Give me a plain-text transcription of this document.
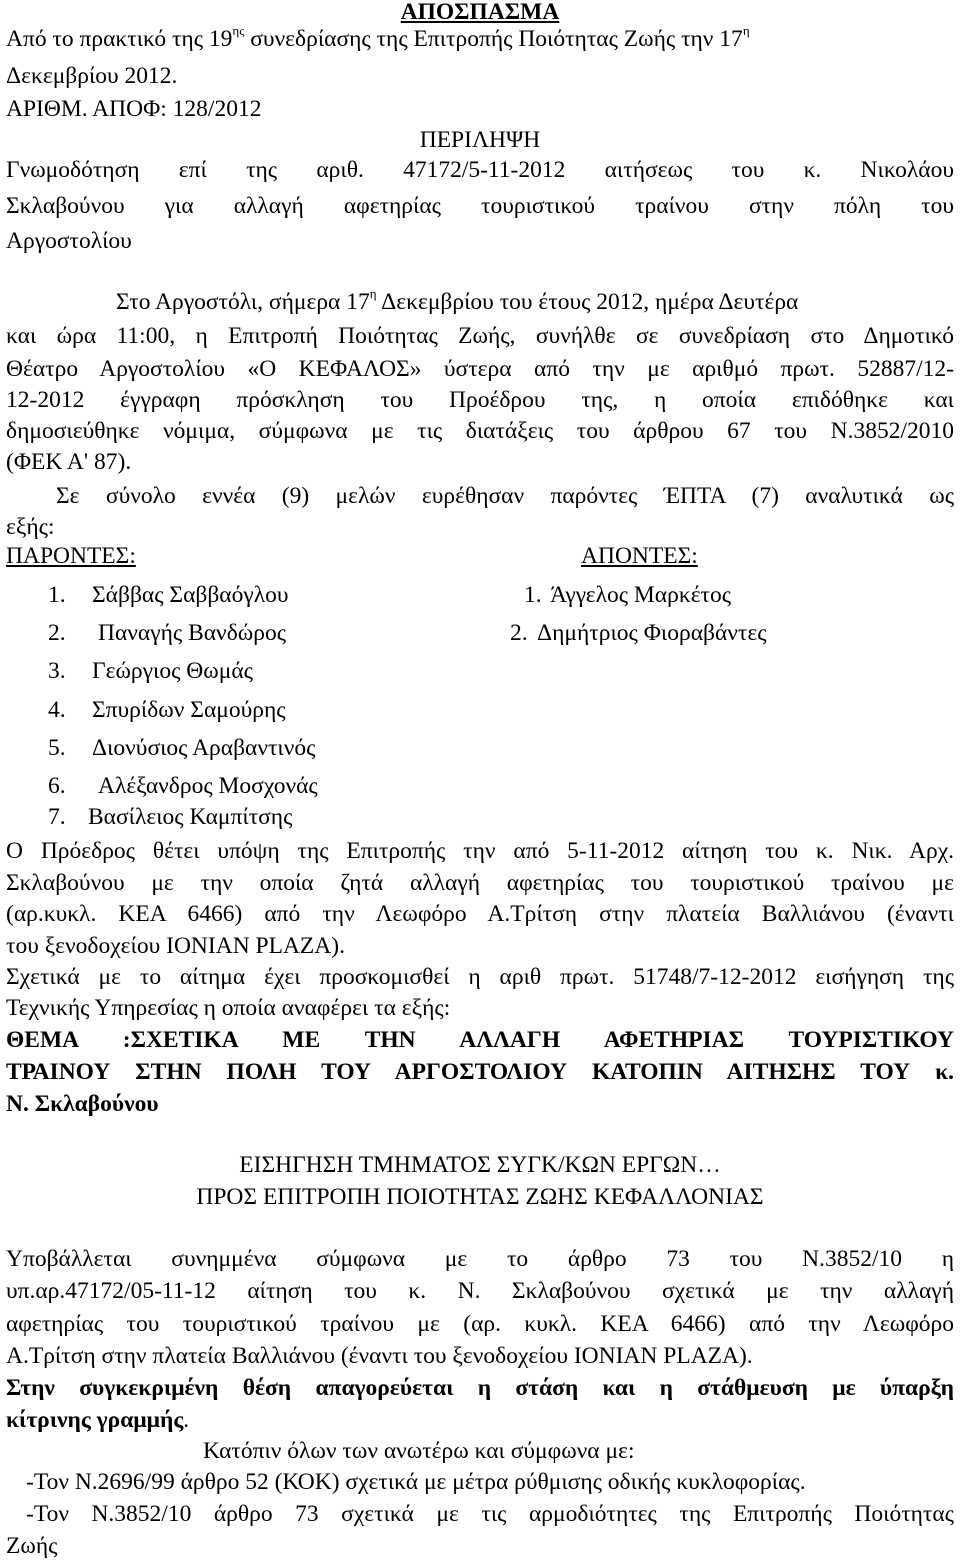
ΑΠΟΣΠΑΣΜΑ
Από το πρακτικό της $19^{\eta\varsigma}$ συνεδρίασης της Επιτροπής Ποιότητας Ζωής την $17^\eta$
Δεκεμβρίου 2012.
ΑΡΙΘΜ. ΑΠΟΦ: 128/2012
ΠΕΡΙΛΗΨΗ
Γνωμοδότηση επί της αριθ. 47172/5-11-2012 αιτήσεως του κ. Νικολάου
Σκλαβούνου για αλλαγή αφετηρίας τουριστικού τραίνου στην πόλη του
Αργοστολίου
Στο Αργοστόλι, σήμερα $17^\eta$ Δεκεμβρίου του έτους 2012, ημέρα Δευτέρα
και ώρα 11:00, η Επιτροπή Ποιότητας Ζωής, συνήλθε σε συνεδρίαση στο Δημοτικό
Θέατρο Αργοστολίου «Ο ΚΕΦΑΛΟΣ» ύστερα από την με αριθμό πρωτ. 52887/12-
12-2012 έγγραφη πρόσκληση του Προέδρου της, η οποία επιδόθηκε και
δημοσιεύθηκε νόμιμα, σύμφωνα με τις διατάξεις του άρθρου 67 του Ν.3852/2010
(ΦΕΚ Α' 87).
Σε σύνολο εννέα (9) μελών ευρέθησαν παρόντες ΈΠΤΑ (7) αναλυτικά ως
εξής:
ΠΑΡΟΝΤΕΣ:	ΑΠΟΝΤΕΣ:
1. Σάββας Σαββαόγλου
2. Παναγής Βανδώρος
3. Γεώργιος Θωμάς
4. Σπυρίδων Σαμούρης
5. Διονύσιος Αραβαντινός
6. Αλέξανδρος Μοσχονάς
7. Βασίλειος Καμπίτσης
1. Άγγελος Μαρκέτος
2. Δημήτριος Φιοραβάντες
Ο Πρόεδρος θέτει υπόψη της Επιτροπής την από 5-11-2012 αίτηση του κ. Νικ. Αρχ.
Σκλαβούνου με την οποία ζητά αλλαγή αφετηρίας του τουριστικού τραίνου με
(αρ.κυκλ. ΚΕΑ 6466) από την Λεωφόρο Α.Τρίτση στην πλατεία Βαλλιάνου (έναντι
του ξενοδοχείου IONIAN PLAZA).
Σχετικά με το αίτημα έχει προσκομισθεί η αριθ πρωτ. 51748/7-12-2012 εισήγηση της
Τεχνικής Υπηρεσίας η οποία αναφέρει τα εξής:
ΘΕΜΑ :ΣΧΕΤΙΚΑ ΜΕ ΤΗΝ ΑΛΛΑΓΗ ΑΦΕΤΗΡΙΑΣ ΤΟΥΡΙΣΤΙΚΟΥ
ΤΡΑΙΝΟΥ ΣΤΗΝ ΠΟΛΗ ΤΟΥ ΑΡΓΟΣΤΟΛΙΟΥ ΚΑΤΟΠΙΝ ΑΙΤΗΣΗΣ ΤΟΥ κ.
Ν. Σκλαβούνου
ΕΙΣΗΓΗΣΗ ΤΜΗΜΑΤΟΣ ΣΥΓΚ/ΚΩΝ ΕΡΓΩΝ…
ΠΡΟΣ ΕΠΙΤΡΟΠΗ ΠΟΙΟΤΗΤΑΣ ΖΩΗΣ ΚΕΦΑΛΛΟΝΙΑΣ
Υποβάλλεται συνημμένα σύμφωνα με το άρθρο 73 του Ν.3852/10 η
υπ.αρ.47172/05-11-12 αίτηση του κ. Ν. Σκλαβούνου σχετικά με την αλλαγή
αφετηρίας του τουριστικού τραίνου με (αρ. κυκλ. ΚΕΑ 6466) από την Λεωφόρο
Α.Τρίτση στην πλατεία Βαλλιάνου (έναντι του ξενοδοχείου IONIAN PLAZA).
Στην συγκεκριμένη θέση απαγορεύεται η στάση και η στάθμευση με ύπαρξη
κίτρινης γραμμής.
Κατόπιν όλων των ανωτέρω και σύμφωνα με:
-Τον Ν.2696/99 άρθρο 52 (ΚΟΚ) σχετικά με μέτρα ρύθμισης οδικής κυκλοφορίας.
-Τον Ν.3852/10 άρθρο 73 σχετικά με τις αρμοδιότητες της Επιτροπής Ποιότητας
Ζωής
